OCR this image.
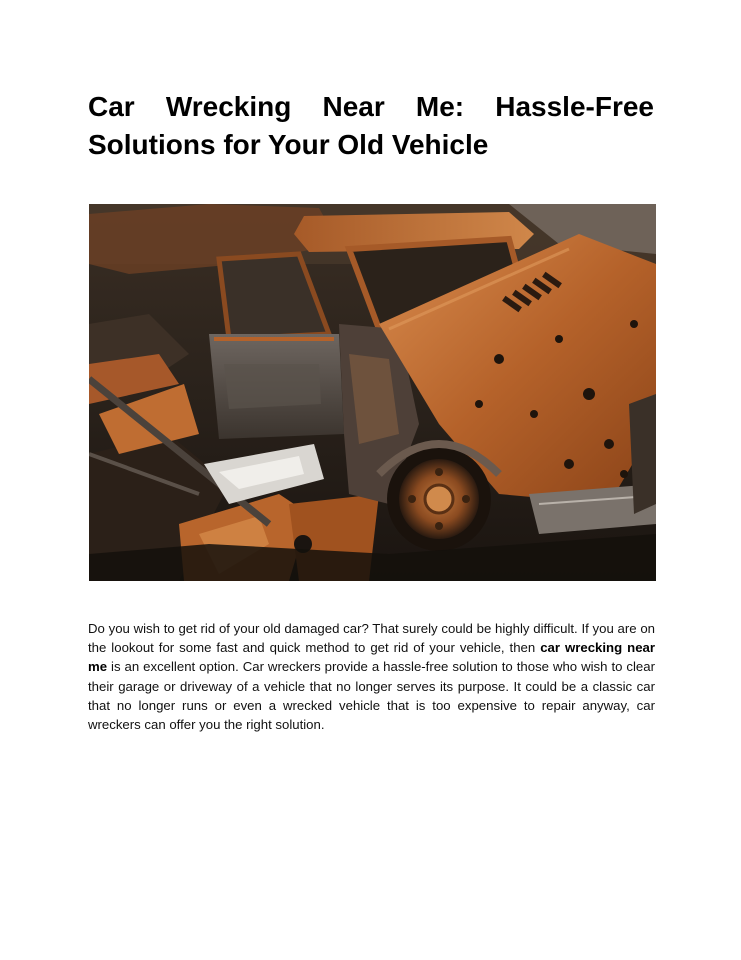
Car Wrecking Near Me: Hassle-Free Solutions for Your Old Vehicle

Do you wish to get rid of your old damaged car? That surely could be highly difficult. If you are on the lookout for some fast and quick method to get rid of your vehicle, then car wrecking near me is an excellent option. Car wreckers provide a hassle-free solution to those who wish to clear their garage or driveway of a vehicle that no longer serves its purpose. It could be a classic car that no longer runs or even a wrecked vehicle that is too expensive to repair anyway, car wreckers can offer you the right solution.
